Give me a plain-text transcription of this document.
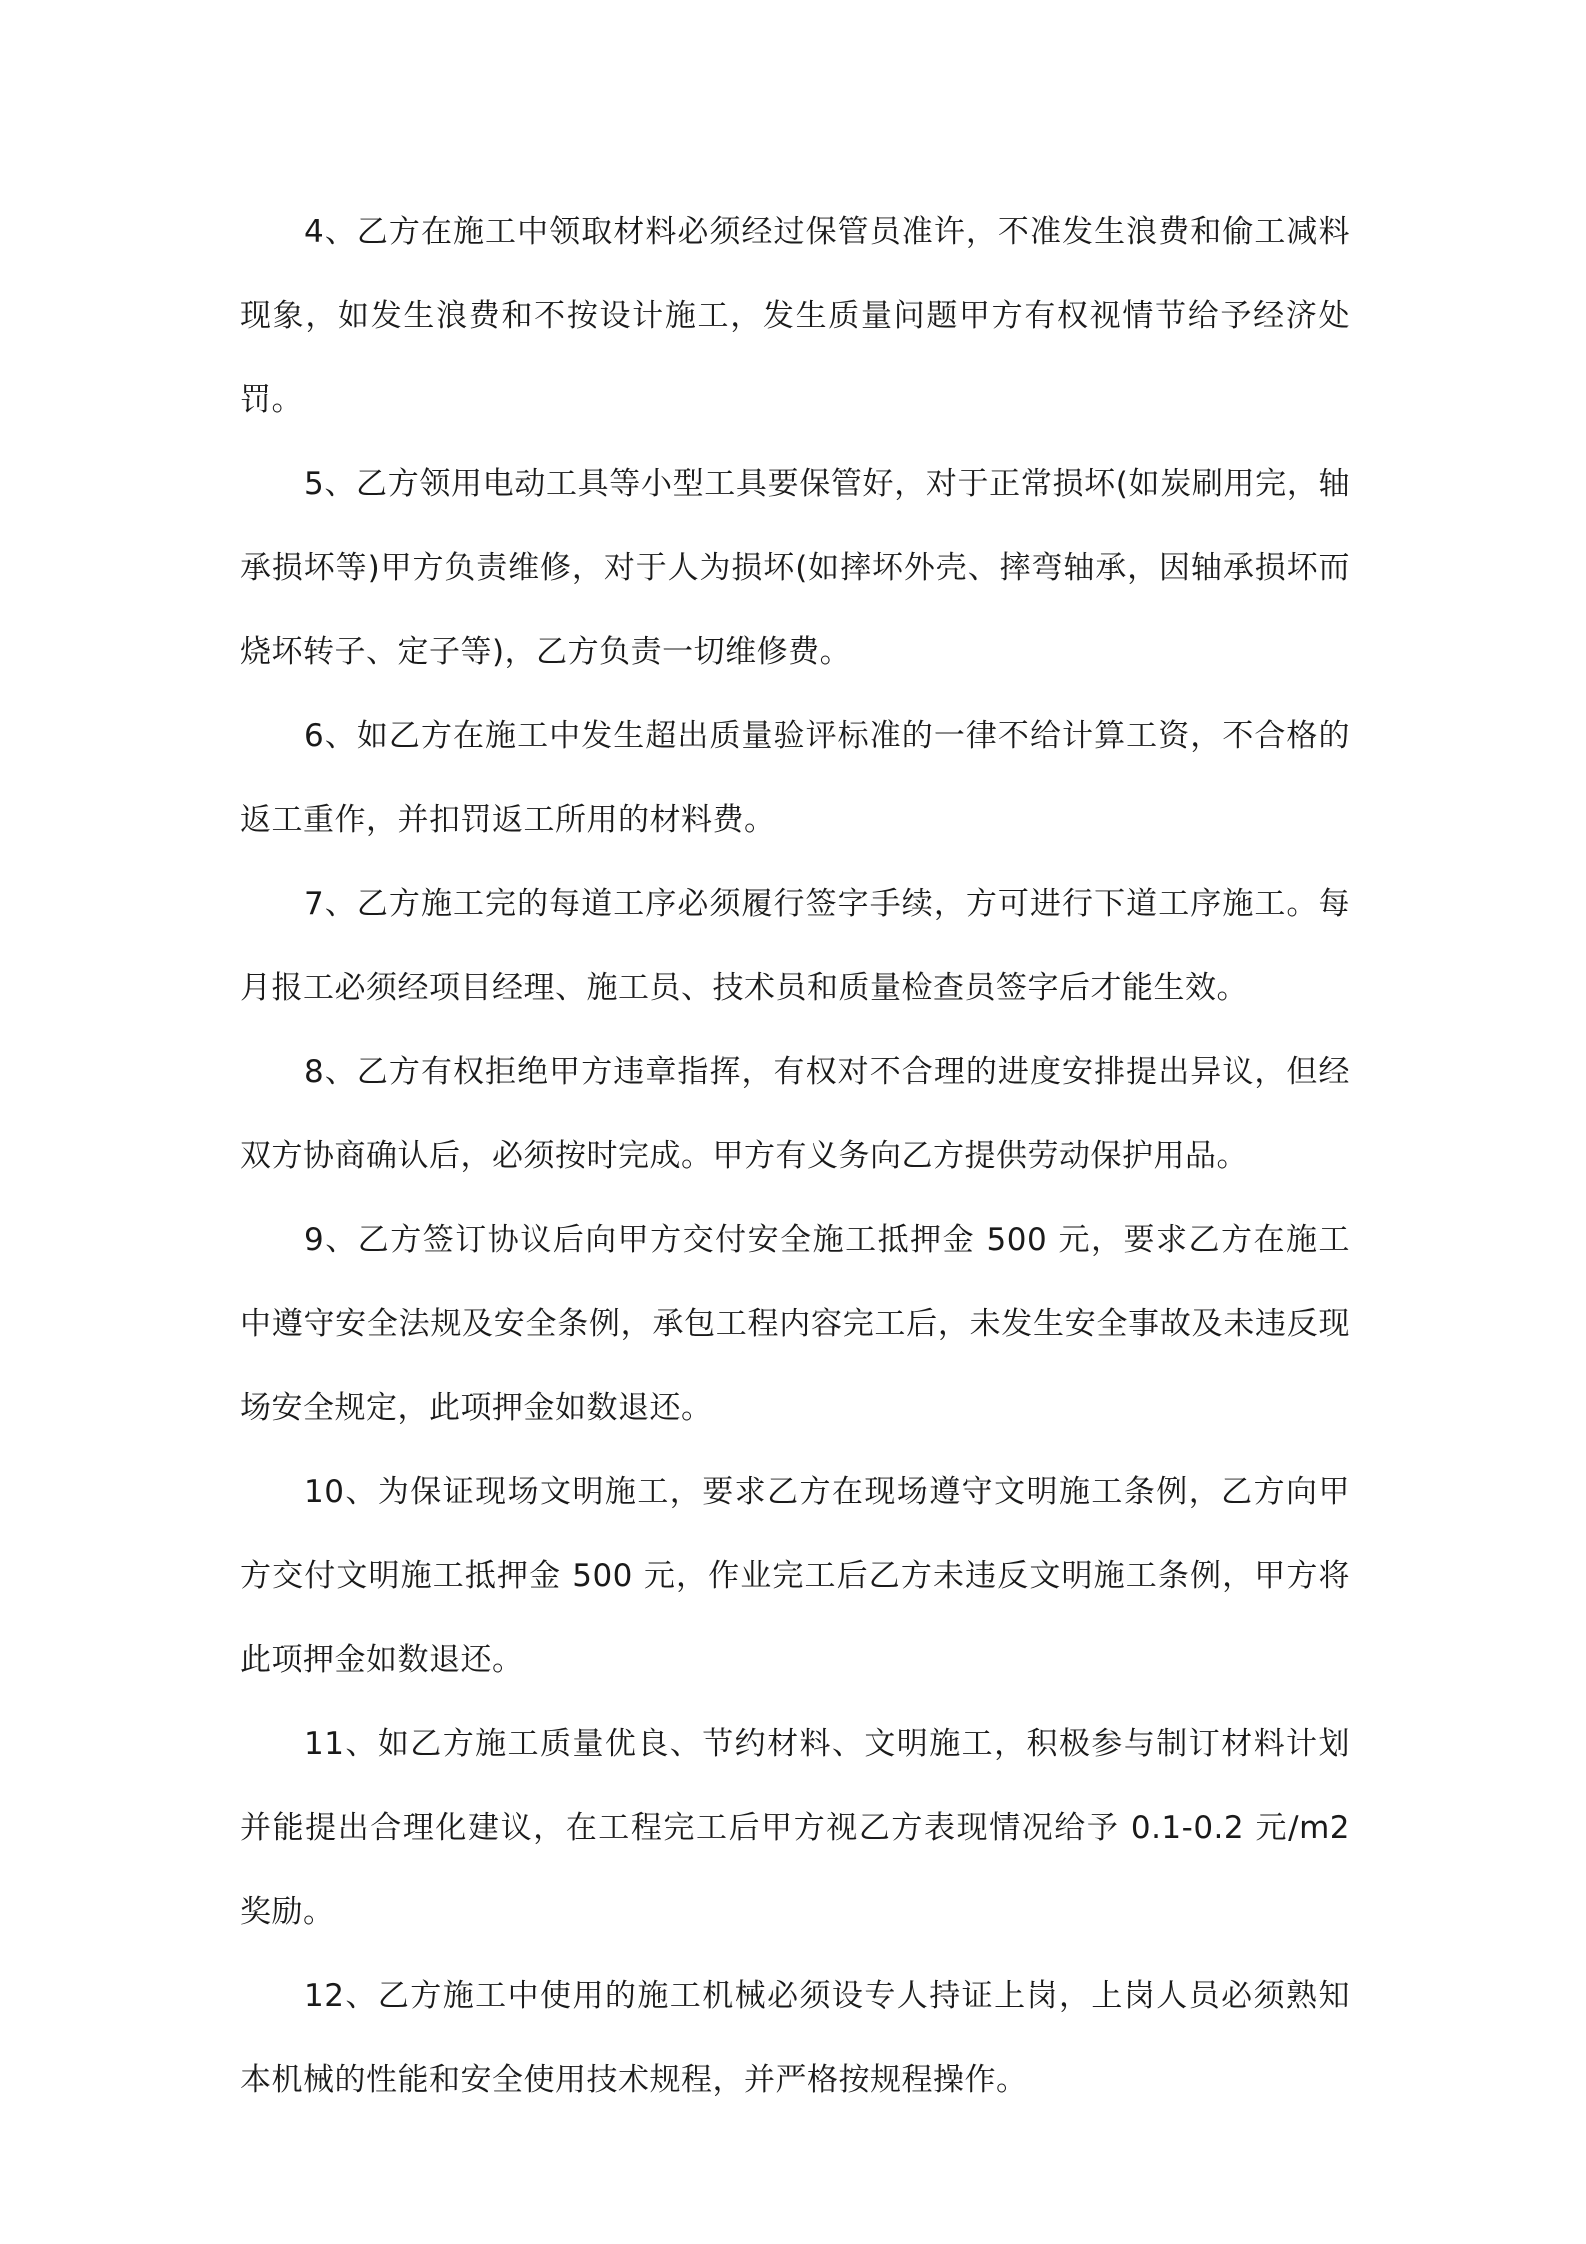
4、乙方在施工中领取材料必须经过保管员准许，不准发生浪费和偷工减料现象，如发生浪费和不按设计施工，发生质量问题甲方有权视情节给予经济处罚。

5、乙方领用电动工具等小型工具要保管好，对于正常损坏(如炭刷用完，轴承损坏等)甲方负责维修，对于人为损坏(如摔坏外壳、摔弯轴承，因轴承损坏而烧坏转子、定子等)，乙方负责一切维修费。

6、如乙方在施工中发生超出质量验评标准的一律不给计算工资，不合格的返工重作，并扣罚返工所用的材料费。

7、乙方施工完的每道工序必须履行签字手续，方可进行下道工序施工。每月报工必须经项目经理、施工员、技术员和质量检查员签字后才能生效。

8、乙方有权拒绝甲方违章指挥，有权对不合理的进度安排提出异议，但经双方协商确认后，必须按时完成。甲方有义务向乙方提供劳动保护用品。

9、乙方签订协议后向甲方交付安全施工抵押金 500 元，要求乙方在施工中遵守安全法规及安全条例，承包工程内容完工后，未发生安全事故及未违反现场安全规定，此项押金如数退还。

10、为保证现场文明施工，要求乙方在现场遵守文明施工条例，乙方向甲方交付文明施工抵押金 500 元，作业完工后乙方未违反文明施工条例，甲方将此项押金如数退还。

11、如乙方施工质量优良、节约材料、文明施工，积极参与制订材料计划并能提出合理化建议，在工程完工后甲方视乙方表现情况给予 0.1-0.2 元/m2 奖励。

12、乙方施工中使用的施工机械必须设专人持证上岗，上岗人员必须熟知本机械的性能和安全使用技术规程，并严格按规程操作。
